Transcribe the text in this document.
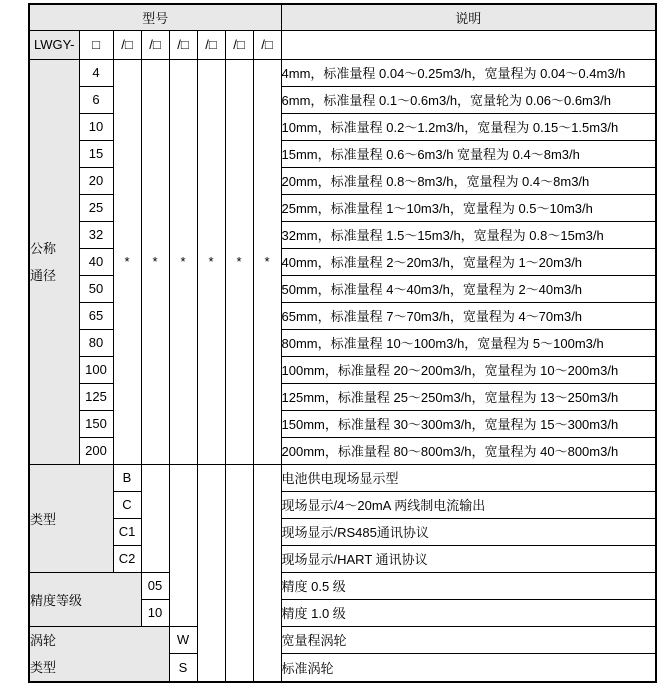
型号								说明
LWGY-	□	/□	/□	/□	/□	/□	/□	

公称
通径	4	*	*	*	*	*	*	4mm，标准量程 0.04～0.25m3/h，宽量程为 0.04～0.4m3/h
	6							6mm，标准量程 0.1～0.6m3/h，宽量轮为 0.06～0.6m3/h
	10							10mm，标准量程 0.2～1.2m3/h，宽量程为 0.15～1.5m3/h
	15							15mm，标准量程 0.6～6m3/h 宽量程为 0.4～8m3/h
	20							20mm，标准量程 0.8～8m3/h，宽量程为 0.4～8m3/h
	25							25mm，标准量程 1～10m3/h，宽量程为 0.5～10m3/h
	32							32mm，标准量程 1.5～15m3/h，宽量程为 0.8～15m3/h
	40							40mm，标准量程 2～20m3/h，宽量程为 1～20m3/h
	50							50mm，标准量程 4～40m3/h，宽量程为 2～40m3/h
	65							65mm，标准量程 7～70m3/h，宽量程为 4～70m3/h
	80							80mm，标准量程 10～100m3/h，宽量程为 5～100m3/h
	100							100mm，标准量程 20～200m3/h，宽量程为 10～200m3/h
	125							125mm，标准量程 25～250m3/h，宽量程为 13～250m3/h
	150							150mm，标准量程 30～300m3/h，宽量程为 15～300m3/h
	200							200mm，标准量程 80～800m3/h，宽量程为 40～800m3/h
类型		B						电池供电现场显示型
		C						现场显示/4～20mA 两线制电流输出
		C1						现场显示/RS485通讯协议
		C2						现场显示/HART 通讯协议
精度等级			05					精度 0.5 级
			10					精度 1.0 级

涡轮
类型				W				宽量程涡轮
				S				标准涡轮
